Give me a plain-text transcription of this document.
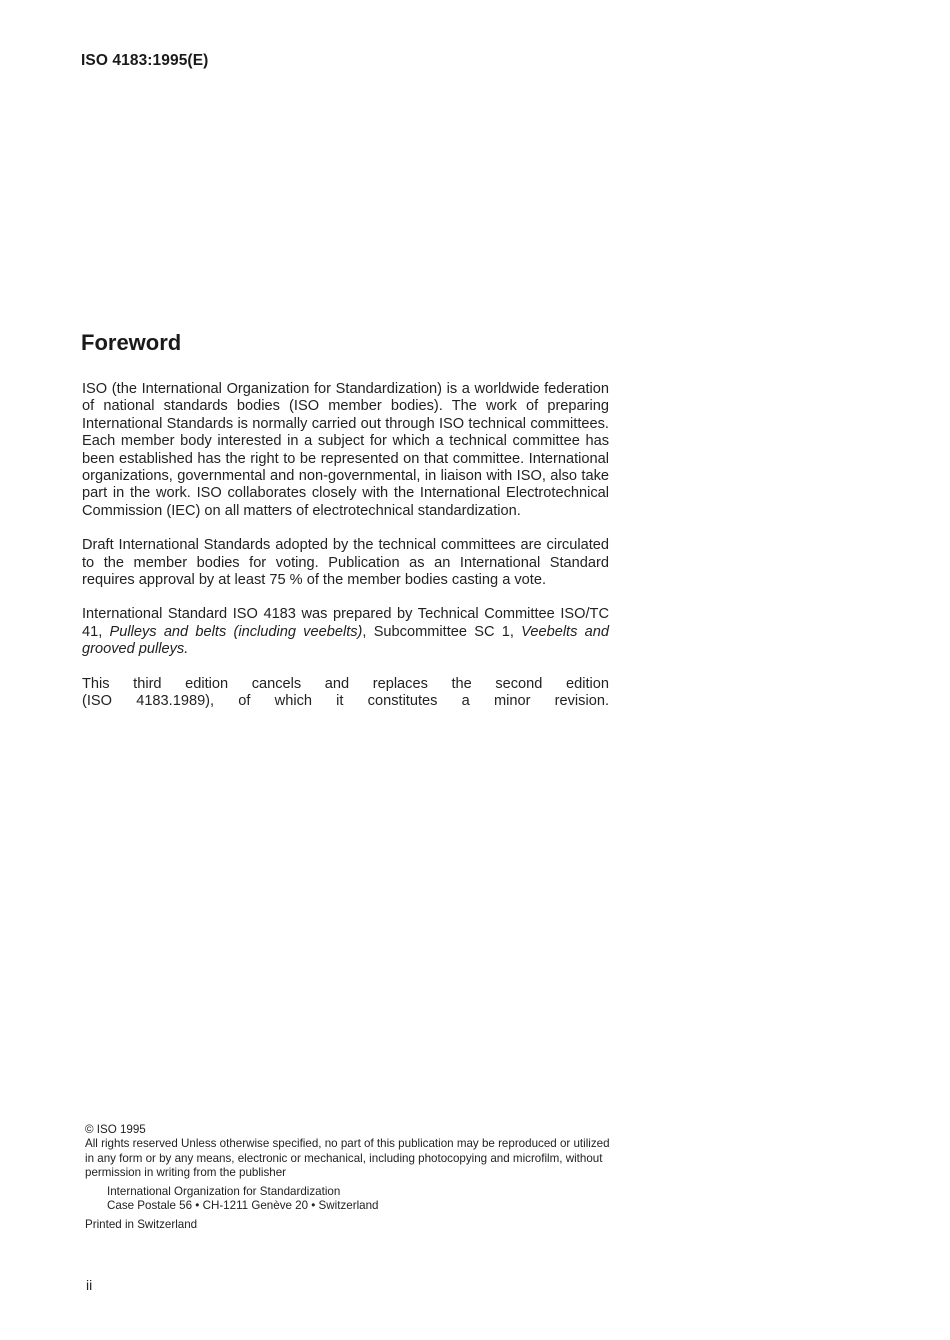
ISO 4183:1995(E)
Foreword

ISO (the International Organization for Standardization) is a worldwide federation of national standards bodies (ISO member bodies). The work of preparing International Standards is normally carried out through ISO technical committees. Each member body interested in a subject for which a technical committee has been established has the right to be represented on that committee. International organizations, governmental and non-governmental, in liaison with ISO, also take part in the work. ISO collaborates closely with the International Electrotechnical Commission (IEC) on all matters of electrotechnical standardization.

Draft International Standards adopted by the technical committees are circulated to the member bodies for voting. Publication as an International Standard requires approval by at least 75 % of the member bodies casting a vote.

International Standard ISO 4183 was prepared by Technical Committee ISO/TC 41, Pulleys and belts (including veebelts), Subcommittee SC 1, Veebelts and grooved pulleys.

This third edition cancels and replaces the second edition
(ISO 4183.1989), of which it constitutes a minor revision.

© ISO 1995
All rights reserved Unless otherwise specified, no part of this publication may be reproduced or utilized in any form or by any means, electronic or mechanical, including photocopying and microfilm, without permission in writing from the publisher
International Organization for Standardization
Case Postale 56 • CH-1211 Genève 20 • Switzerland
Printed in Switzerland
ii
